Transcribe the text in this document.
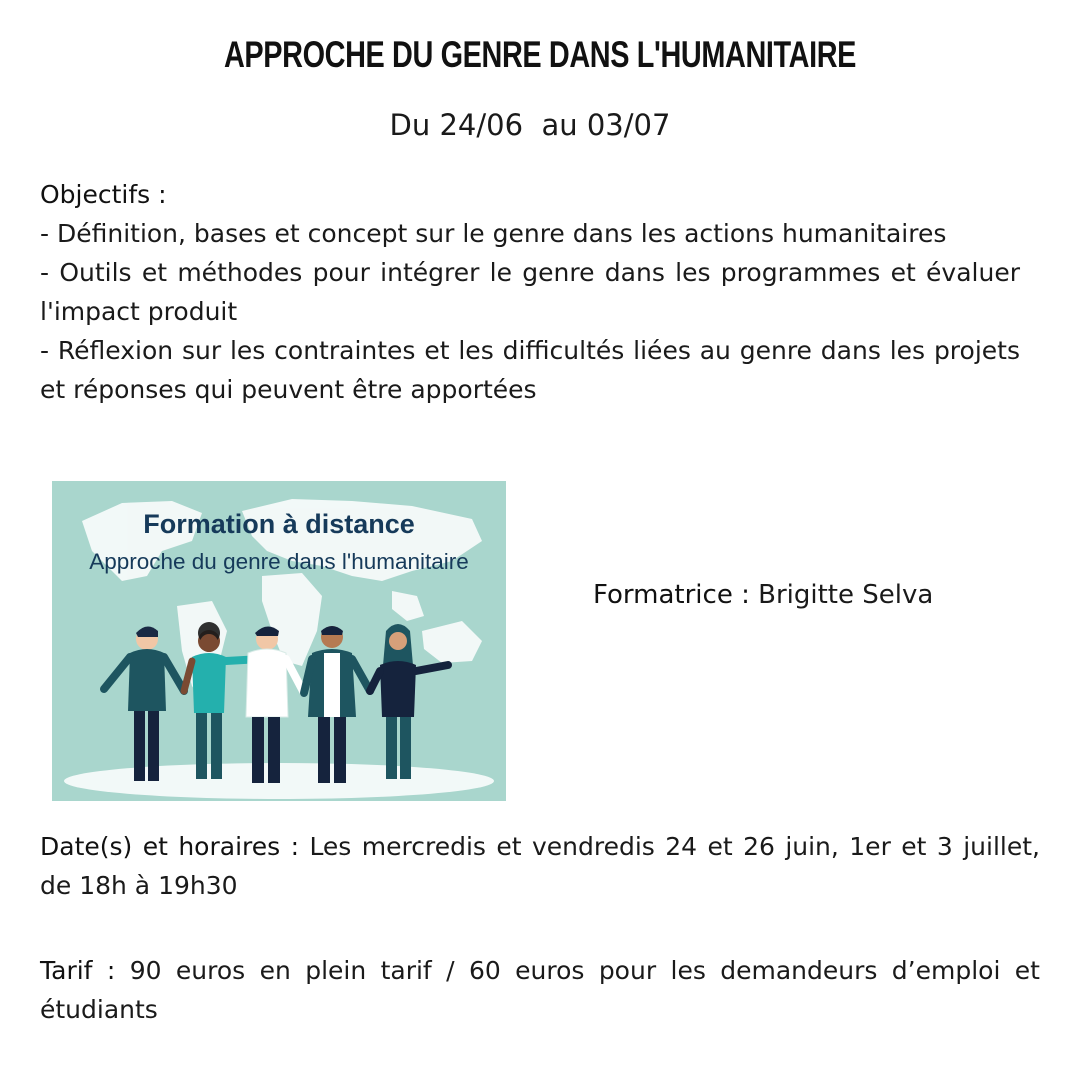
APPROCHE DU GENRE DANS L'HUMANITAIRE
Du 24/06  au 03/07
Objectifs :
- Définition, bases et concept sur le genre dans les actions humanitaires
- Outils et méthodes pour intégrer le genre dans les programmes et évaluer l'impact produit
- Réflexion sur les contraintes et les difficultés liées au genre dans les projets et réponses qui peuvent être apportées
Formation à distance
Approche du genre dans l'humanitaire
Formatrice : Brigitte Selva
Date(s) et horaires : Les mercredis et vendredis 24 et 26 juin, 1er et 3 juillet, de 18h à 19h30
Tarif : 90 euros en plein tarif / 60 euros pour les demandeurs d’emploi et étudiants
